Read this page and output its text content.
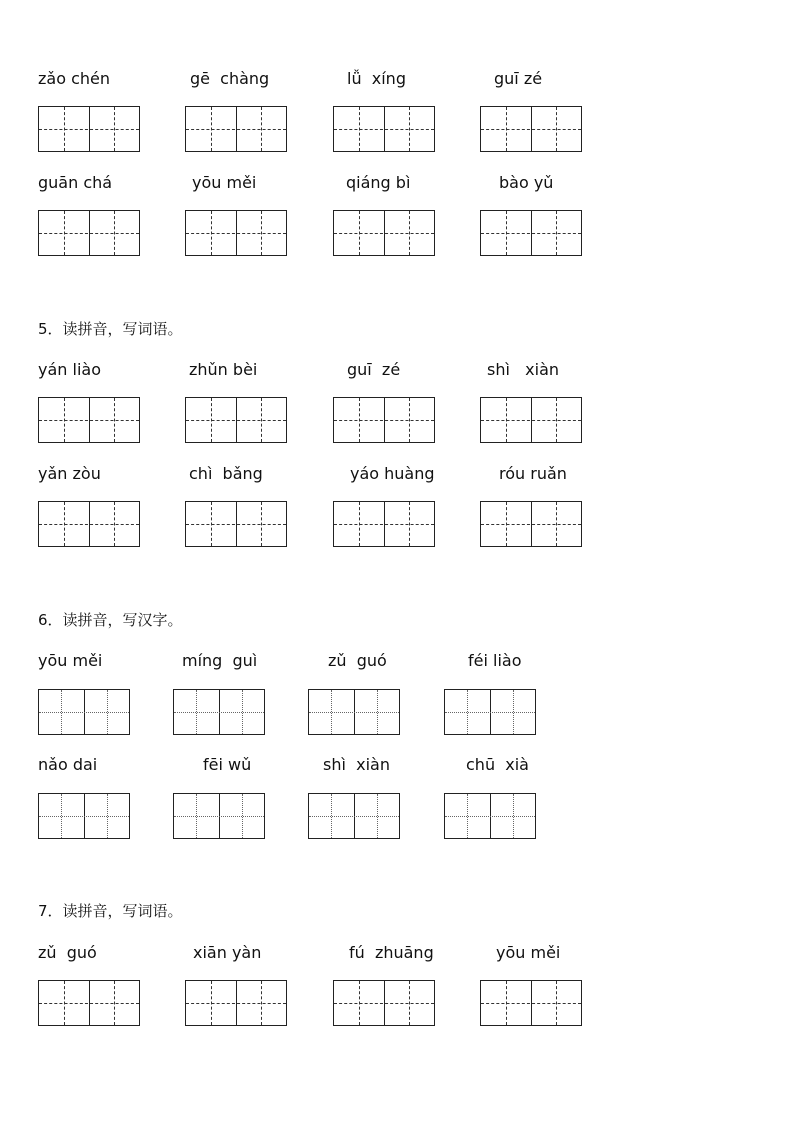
zǎo chén	gē  chàng	lǚ  xíng	guī zé
guān chá	yōu měi	qiáng bì	bào yǔ
5．读拼音，写词语。
yán liào	zhǔn bèi	guī  zé	shì   xiàn
yǎn zòu	chì  bǎng	yáo huàng	róu ruǎn
6．读拼音，写汉字。
yōu měi	míng  guì	zǔ  guó	féi liào
nǎo dai	fēi wǔ	shì  xiàn	chū  xià
7．读拼音，写词语。
zǔ  guó	xiān yàn	fú  zhuāng	yōu měi
